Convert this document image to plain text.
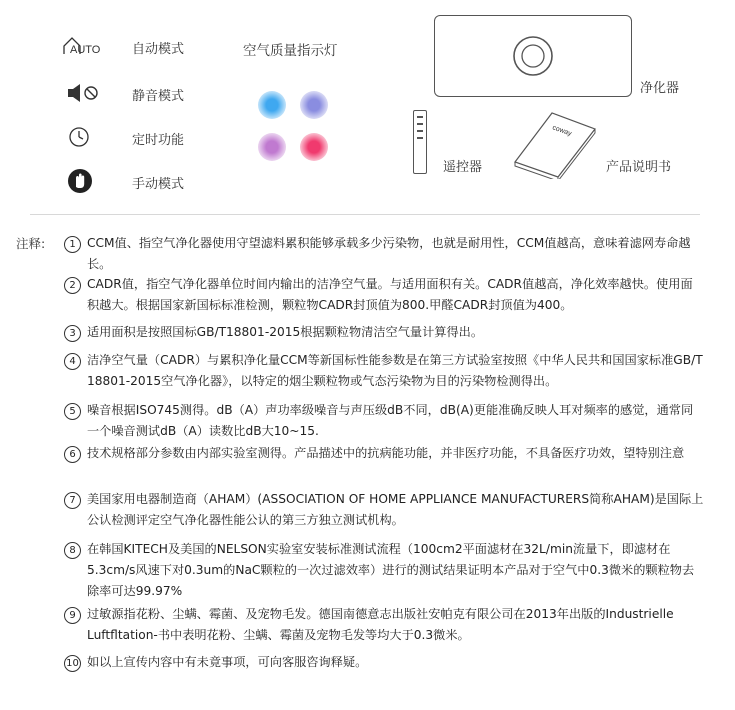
AUTO 自动模式
静音模式
定时功能
手动模式
空气质量指示灯
净化器
遥控器
coway
产品说明书
注释:	1 CCM值、指空气净化器使用守望滤料累积能够承载多少污染物，也就是耐用性，CCM值越高，意味着滤网寿命越长。
2 CADR值，指空气净化器单位时间内输出的洁净空气量。与适用面积有关。CADR值越高，净化效率越快。使用面积越大。根据国家新国标标准检测，颗粒物CADR封顶值为800.甲醛CADR封顶值为400。
3 适用面积是按照国标GB/T18801-2015根据颗粒物清洁空气量计算得出。
4 洁净空气量（CADR）与累积净化量CCM等新国标性能参数是在第三方试验室按照《中华人民共和国国家标准GB/T 18801-2015空气净化器》，以特定的烟尘颗粒物或气态污染物为目的污染物检测得出。
5 噪音根据ISO745测得。dB（A）声功率级噪音与声压级dB不同，dB(A)更能准确反映人耳对频率的感觉，通常同一个噪音测试dB（A）读数比dB大10~15.
6 技术规格部分参数由内部实验室测得。产品描述中的抗病能功能，并非医疗功能，不具备医疗功效，望特别注意
7 美国家用电器制造商（AHAM）(ASSOCIATION OF HOME APPLIANCE MANUFACTURERS简称AHAM)是国际上公认检测评定空气净化器性能公认的第三方独立测试机构。
8 在韩国KITECH及美国的NELSON实验室安装标准测试流程（100cm2平面滤材在32L/min流量下，即滤材在5.3cm/s风速下对0.3um的NaC颗粒的一次过滤效率）进行的测试结果证明本产品对于空气中0.3微米的颗粒物去除率可达99.97%
9 过敏源指花粉、尘螨、霉菌、及宠物毛发。德国南德意志出版社安帕克有限公司在2013年出版的Industrielle Luftfltation-书中表明花粉、尘螨、霉菌及宠物毛发等均大于0.3微米。
10 如以上宣传内容中有未竟事项，可向客服咨询释疑。
